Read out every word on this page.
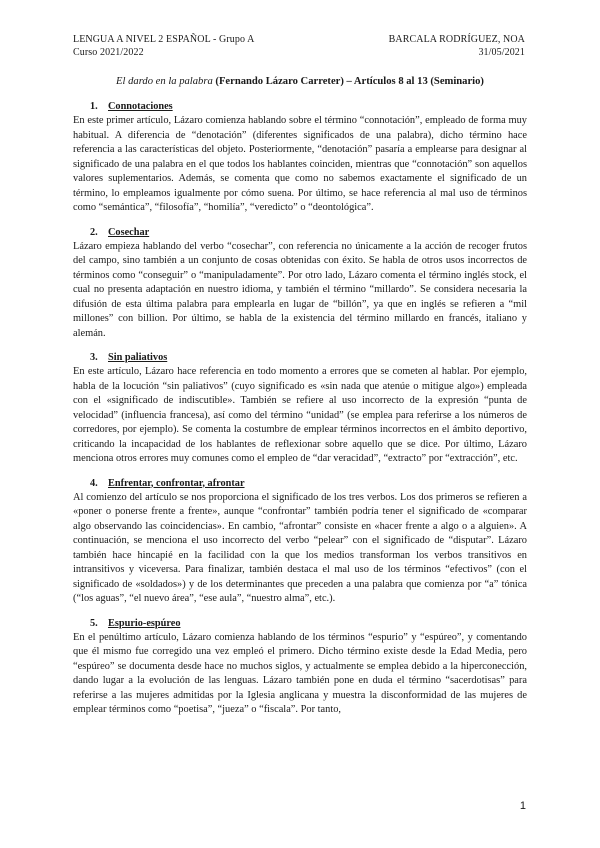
LENGUA A NIVEL 2 ESPAÑOL - Grupo A
Curso 2021/2022
BARCALA RODRÍGUEZ, NOA
31/05/2021
El dardo en la palabra (Fernando Lázaro Carreter) – Artículos 8 al 13 (Seminario)
1. Connotaciones

En este primer artículo, Lázaro comienza hablando sobre el término “connotación”, empleado de forma muy habitual. A diferencia de “denotación” (diferentes significados de una palabra), dicho término hace referencia a las características del objeto. Posteriormente, “denotación” pasaría a emplearse para designar al significado de una palabra en el que todos los hablantes coinciden, mientras que “connotación” son aquellos valores suplementarios. Además, se comenta que como no sabemos exactamente el significado de un término, lo empleamos igualmente por cómo suena. Por último, se hace referencia al mal uso de términos como “semántica”, “filosofía”, “homilía”, “veredicto” o “deontológica”.

2. Cosechar

Lázaro empieza hablando del verbo “cosechar”, con referencia no únicamente a la acción de recoger frutos del campo, sino también a un conjunto de cosas obtenidas con éxito. Se habla de otros usos incorrectos de términos como “conseguir” o “manipuladamente”. Por otro lado, Lázaro comenta el término inglés stock, el cual no presenta adaptación en nuestro idioma, y también el término “millardo”. Se considera necesaria la difusión de esta última palabra para emplearla en lugar de “billón”, ya que en inglés se refieren a “mil millones” con billion. Por último, se habla de la existencia del término millardo en francés, italiano y alemán.

3. Sin paliativos

En este artículo, Lázaro hace referencia en todo momento a errores que se cometen al hablar. Por ejemplo, habla de la locución “sin paliativos” (cuyo significado es «sin nada que atenúe o mitigue algo») empleada con el «significado de indiscutible». También se refiere al uso incorrecto de la expresión “punta de velocidad” (influencia francesa), así como del término “unidad” (se emplea para referirse a los números de corredores, por ejemplo). Se comenta la costumbre de emplear términos incorrectos en el ámbito deportivo, criticando la incapacidad de los hablantes de reflexionar sobre aquello que se dice. Por último, Lázaro menciona otros errores muy comunes como el empleo de “dar veracidad”, “extracto” por “extracción”, etc.

4. Enfrentar, confrontar, afrontar

Al comienzo del artículo se nos proporciona el significado de los tres verbos. Los dos primeros se refieren a «poner o ponerse frente a frente», aunque “confrontar” también podría tener el significado de «comparar algo observando las coincidencias». En cambio, “afrontar” consiste en «hacer frente a algo o a alguien». A continuación, se menciona el uso incorrecto del verbo “pelear” con el significado de “disputar”. Lázaro también hace hincapié en la facilidad con la que los medios transforman los verbos transitivos en intransitivos y viceversa. Para finalizar, también destaca el mal uso de los términos “efectivos” (con el significado de «soldados») y de los determinantes que preceden a una palabra que comienza por “a” tónica (“los aguas”, “el nuevo área”, “ese aula”, “nuestro alma”, etc.).

5. Espurio-espúreo

En el penúltimo artículo, Lázaro comienza hablando de los términos “espurio” y “espúreo”, y comentando que él mismo fue corregido una vez empleó el primero. Dicho término existe desde la Edad Media, pero “espúreo” se documenta desde hace no muchos siglos, y actualmente se emplea debido a la hiperconección, dando lugar a la evolución de las lenguas. Lázaro también pone en duda el término “sacerdotisas” para referirse a las mujeres admitidas por la Iglesia anglicana y muestra la disconformidad de las mujeres de emplear términos como “poetisa”, “jueza” o “fiscala”. Por tanto,

1
